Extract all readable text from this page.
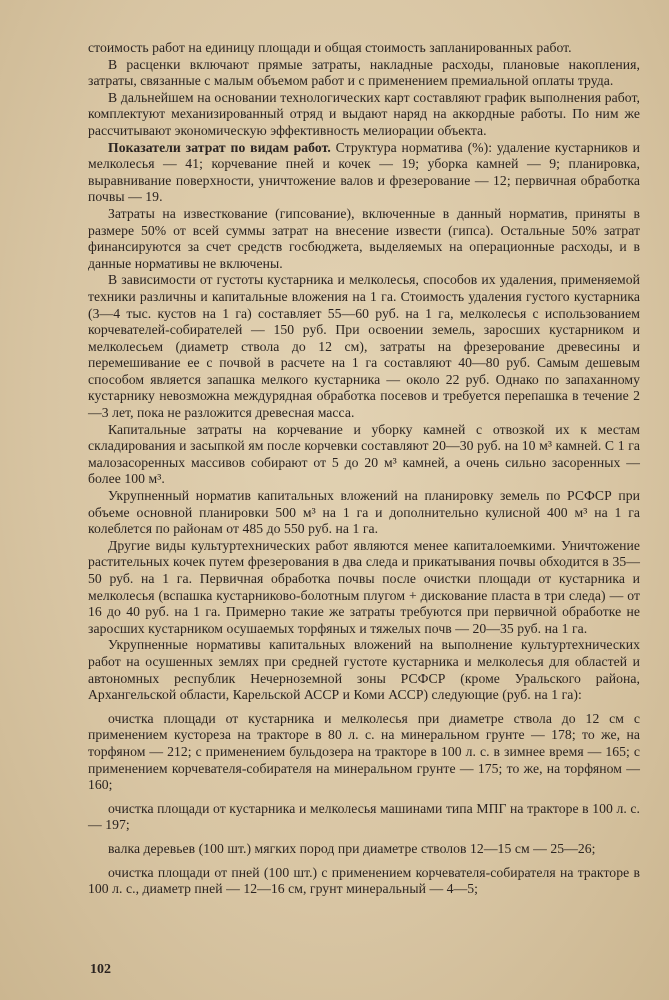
стоимость работ на единицу площади и общая стоимость запланированных работ.

В расценки включают прямые затраты, накладные расходы, плановые накопления, затраты, связанные с малым объемом работ и с применением премиальной оплаты труда.

В дальнейшем на основании технологических карт составляют график выполнения работ, комплектуют механизированный отряд и выдают наряд на аккордные работы. По ним же рассчитывают экономическую эффективность мелиорации объекта.

Показатели затрат по видам работ. Структура норматива (%): удаление кустарников и мелколесья — 41; корчевание пней и кочек — 19; уборка камней — 9; планировка, выравнивание поверхности, уничтожение валов и фрезерование — 12; первичная обработка почвы — 19.

Затраты на известкование (гипсование), включенные в данный норматив, приняты в размере 50% от всей суммы затрат на внесение извести (гипса). Остальные 50% затрат финансируются за счет средств госбюджета, выделяемых на операционные расходы, и в данные нормативы не включены.

В зависимости от густоты кустарника и мелколесья, способов их удаления, применяемой техники различны и капитальные вложения на 1 га. Стоимость удаления густого кустарника (3—4 тыс. кустов на 1 га) составляет 55—60 руб. на 1 га, мелколесья с использованием корчевателей-собирателей — 150 руб. При освоении земель, заросших кустарником и мелколесьем (диаметр ствола до 12 см), затраты на фрезерование древесины и перемешивание ее с почвой в расчете на 1 га составляют 40—80 руб. Самым дешевым способом является запашка мелкого кустарника — около 22 руб. Однако по запаханному кустарнику невозможна междурядная обработка посевов и требуется перепашка в течение 2—3 лет, пока не разложится древесная масса.

Капитальные затраты на корчевание и уборку камней с отвозкой их к местам складирования и засыпкой ям после корчевки составляют 20—30 руб. на 10 м³ камней. С 1 га малозасоренных массивов собирают от 5 до 20 м³ камней, а очень сильно засоренных — более 100 м³.

Укрупненный норматив капитальных вложений на планировку земель по РСФСР при объеме основной планировки 500 м³ на 1 га и дополнительно кулисной 400 м³ на 1 га колеблется по районам от 485 до 550 руб. на 1 га.

Другие виды культуртехнических работ являются менее капиталоемкими. Уничтожение растительных кочек путем фрезерования в два следа и прикатывания почвы обходится в 35—50 руб. на 1 га. Первичная обработка почвы после очистки площади от кустарника и мелколесья (вспашка кустарниково-болотным плугом + дискование пласта в три следа) — от 16 до 40 руб. на 1 га. Примерно такие же затраты требуются при первичной обработке не заросших кустарником осушаемых торфяных и тяжелых почв — 20—35 руб. на 1 га.

Укрупненные нормативы капитальных вложений на выполнение культуртехнических работ на осушенных землях при средней густоте кустарника и мелколесья для областей и автономных республик Нечерноземной зоны РСФСР (кроме Уральского района, Архангельской области, Карельской АССР и Коми АССР) следующие (руб. на 1 га):

очистка площади от кустарника и мелколесья при диаметре ствола до 12 см с применением кустореза на тракторе в 80 л. с. на минеральном грунте — 178; то же, на торфяном — 212; с применением бульдозера на тракторе в 100 л. с. в зимнее время — 165; с применением корчевателя-собирателя на минеральном грунте — 175; то же, на торфяном — 160;

очистка площади от кустарника и мелколесья машинами типа МПГ на тракторе в 100 л. с. — 197;

валка деревьев (100 шт.) мягких пород при диаметре стволов 12—15 см — 25—26;

очистка площади от пней (100 шт.) с применением корчевателя-собирателя на тракторе в 100 л. с., диаметр пней — 12—16 см, грунт минеральный — 4—5;

102
